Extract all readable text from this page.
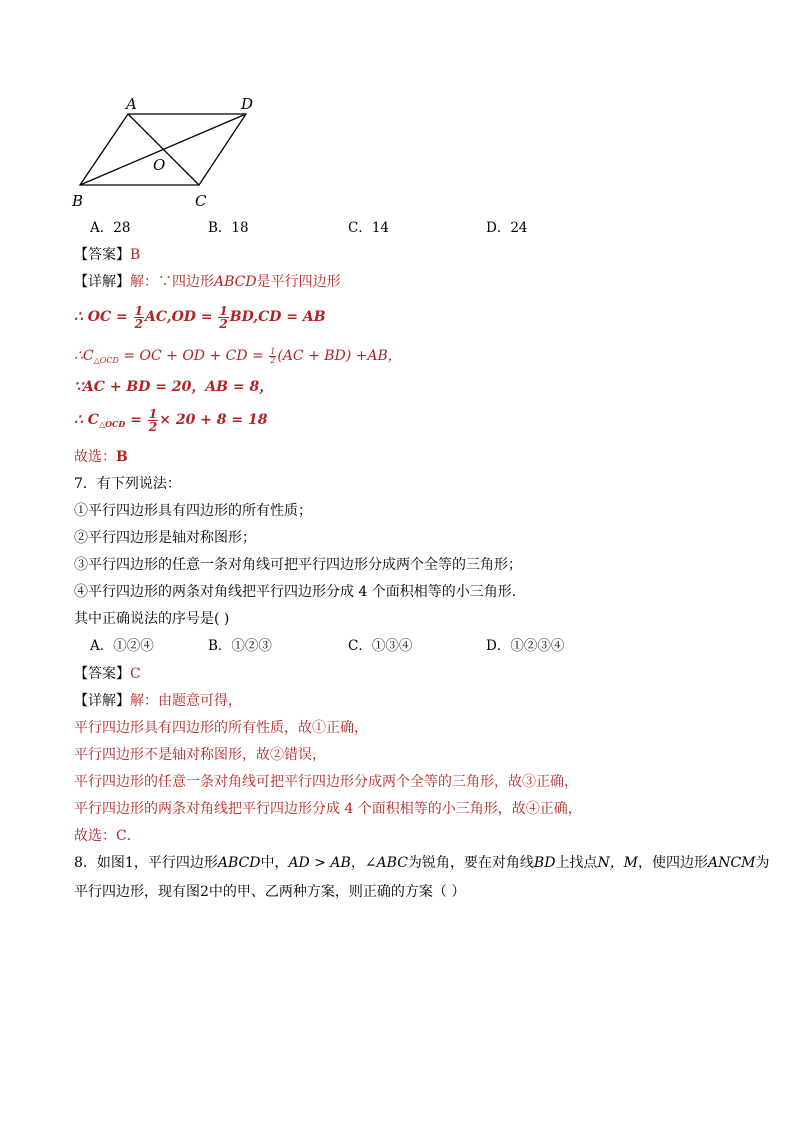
A	D
O
B	C
A．28	B．18	C．14	D．24
【答案】B
【详解】解：∵四边形ABCD是平行四边形
∴ OC = $\frac{1}{2} AC,OD = \frac{1}{2} BD,CD$ = AB
$\therefore C_{\triangle OCD}$ = OC + OD + CD = $\frac{1}{2} (AC + BD) +AB$，
∵AC + BD = 20，AB = 8，
∴ $C_{\triangle OCD} = \frac{1}{2} \times 20 + 8 = 18$
故选：B
7．有下列说法：
①平行四边形具有四边形的所有性质；
②平行四边形是轴对称图形；
③平行四边形的任意一条对角线可把平行四边形分成两个全等的三角形；
④平行四边形的两条对角线把平行四边形分成 4 个面积相等的小三角形．
其中正确说法的序号是( )
A．①②④	B．①②③	C．①③④	D．①②③④
【答案】C
【详解】解：由题意可得，
平行四边形具有四边形的所有性质，故①正确，
平行四边形不是轴对称图形，故②错误，
平行四边形的任意一条对角线可把平行四边形分成两个全等的三角形，故③正确，
平行四边形的两条对角线把平行四边形分成 4 个面积相等的小三角形，故④正确，
故选：C．
8．如图1，平行四边形ABCD中，AD > AB，∠ABC为锐角，要在对角线BD上找点N，M，使四边形ANCM为
平行四边形，现有图2中的甲、乙两种方案，则正确的方案（ ）
